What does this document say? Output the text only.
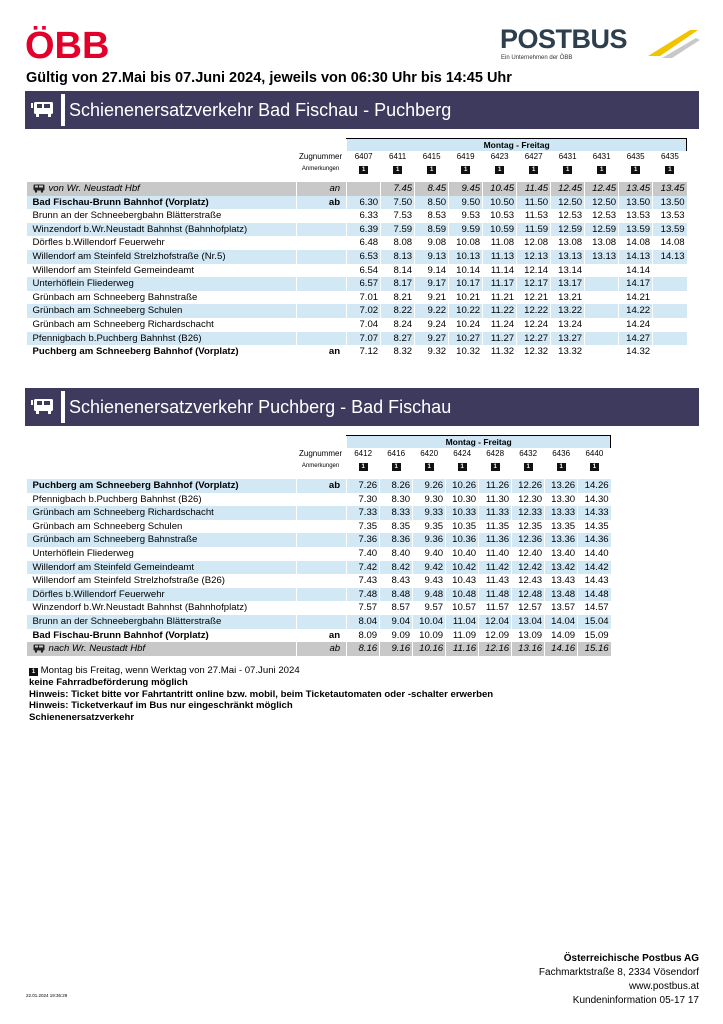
ÖBB	POSTBUS
Ein Unternehmen der ÖBB
Gültig von 27.Mai bis 07.Juni 2024, jeweils von 06:30 Uhr bis 14:45 Uhr
Schienenersatzverkehr Bad Fischau - Puchberg
		Montag - Freitag									
	Zugnummer	6407	6411	6415	6419	6423	6427	6431	6431	6435	6435
	Anmerkungen	1	1	1	1	1	1	1	1	1	1

von Wr. Neustadt Hbf	an		7.45	8.45	9.45	10.45	11.45	12.45	12.45	13.45	13.45
Bad Fischau-Brunn Bahnhof (Vorplatz)	ab	6.30	7.50	8.50	9.50	10.50	11.50	12.50	12.50	13.50	13.50
Brunn an der Schneebergbahn Blätterstraße		6.33	7.53	8.53	9.53	10.53	11.53	12.53	12.53	13.53	13.53
Winzendorf b.Wr.Neustadt Bahnhst (Bahnhofplatz)		6.39	7.59	8.59	9.59	10.59	11.59	12.59	12.59	13.59	13.59
Dörfles b.Willendorf Feuerwehr		6.48	8.08	9.08	10.08	11.08	12.08	13.08	13.08	14.08	14.08
Willendorf am Steinfeld Strelzhofstraße (Nr.5)		6.53	8.13	9.13	10.13	11.13	12.13	13.13	13.13	14.13	14.13
Willendorf am Steinfeld Gemeindeamt		6.54	8.14	9.14	10.14	11.14	12.14	13.14		14.14	
Unterhöflein Fliederweg		6.57	8.17	9.17	10.17	11.17	12.17	13.17		14.17	
Grünbach am Schneeberg Bahnstraße		7.01	8.21	9.21	10.21	11.21	12.21	13.21		14.21	
Grünbach am Schneeberg Schulen		7.02	8.22	9.22	10.22	11.22	12.22	13.22		14.22	
Grünbach am Schneeberg Richardschacht		7.04	8.24	9.24	10.24	11.24	12.24	13.24		14.24	
Pfennigbach b.Puchberg Bahnhst (B26)		7.07	8.27	9.27	10.27	11.27	12.27	13.27		14.27	
Puchberg am Schneeberg Bahnhof (Vorplatz)	an	7.12	8.32	9.32	10.32	11.32	12.32	13.32		14.32	
Schienenersatzverkehr Puchberg - Bad Fischau
		Montag - Freitag							
	Zugnummer	6412	6416	6420	6424	6428	6432	6436	6440
	Anmerkungen	1	1	1	1	1	1	1	1

Puchberg am Schneeberg Bahnhof (Vorplatz)	ab	7.26	8.26	9.26	10.26	11.26	12.26	13.26	14.26
Pfennigbach b.Puchberg Bahnhst (B26)		7.30	8.30	9.30	10.30	11.30	12.30	13.30	14.30
Grünbach am Schneeberg Richardschacht		7.33	8.33	9.33	10.33	11.33	12.33	13.33	14.33
Grünbach am Schneeberg Schulen		7.35	8.35	9.35	10.35	11.35	12.35	13.35	14.35
Grünbach am Schneeberg Bahnstraße		7.36	8.36	9.36	10.36	11.36	12.36	13.36	14.36
Unterhöflein Fliederweg		7.40	8.40	9.40	10.40	11.40	12.40	13.40	14.40
Willendorf am Steinfeld Gemeindeamt		7.42	8.42	9.42	10.42	11.42	12.42	13.42	14.42
Willendorf am Steinfeld Strelzhofstraße (B26)		7.43	8.43	9.43	10.43	11.43	12.43	13.43	14.43
Dörfles b.Willendorf Feuerwehr		7.48	8.48	9.48	10.48	11.48	12.48	13.48	14.48
Winzendorf b.Wr.Neustadt Bahnhst (Bahnhofplatz)		7.57	8.57	9.57	10.57	11.57	12.57	13.57	14.57
Brunn an der Schneebergbahn Blätterstraße		8.04	9.04	10.04	11.04	12.04	13.04	14.04	15.04
Bad Fischau-Brunn Bahnhof (Vorplatz)	an	8.09	9.09	10.09	11.09	12.09	13.09	14.09	15.09
nach Wr. Neustadt Hbf	ab	8.16	9.16	10.16	11.16	12.16	13.16	14.16	15.16
1 Montag bis Freitag, wenn Werktag von 27.Mai - 07.Juni 2024
keine Fahrradbeförderung möglich
Hinweis: Ticket bitte vor Fahrtantritt online bzw. mobil, beim Ticketautomaten oder -schalter erwerben
Hinweis: Ticketverkauf im Bus nur eingeschränkt möglich
Schienenersatzverkehr
Österreichische Postbus AG
Fachmarktstraße 8, 2334 Vösendorf
www.postbus.at
Kundeninformation 05-17 17
22.01.2024 19:36:29
